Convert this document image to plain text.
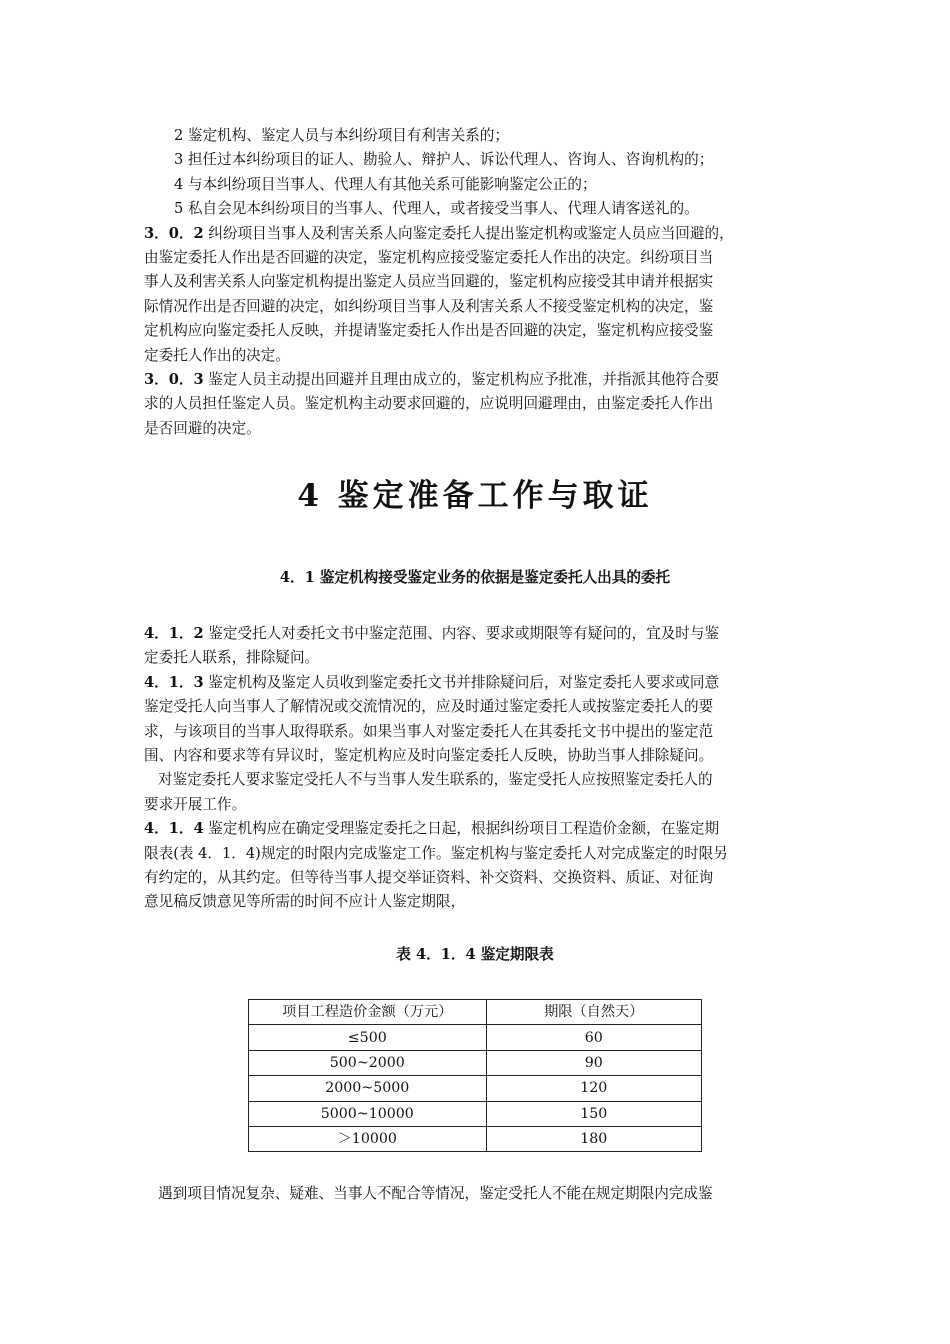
2 鉴定机构、鉴定人员与本纠纷项目有利害关系的；
3 担任过本纠纷项目的证人、勘验人、辩护人、诉讼代理人、咨询人、咨询机构的；
4 与本纠纷项目当事人、代理人有其他关系可能影响鉴定公正的；
5 私自会见本纠纷项目的当事人、代理人，或者接受当事人、代理人请客送礼的。
3．0．2 纠纷项目当事人及利害关系人向鉴定委托人提出鉴定机构或鉴定人员应当回避的，
由鉴定委托人作出是否回避的决定，鉴定机构应接受鉴定委托人作出的决定。纠纷项目当
事人及利害关系人向鉴定机构提出鉴定人员应当回避的，鉴定机构应接受其申请并根据实
际情况作出是否回避的决定，如纠纷项目当事人及利害关系人不接受鉴定机构的决定，鉴
定机构应向鉴定委托人反映，并提请鉴定委托人作出是否回避的决定，鉴定机构应接受鉴
定委托人作出的决定。
3．0．3 鉴定人员主动提出回避并且理由成立的，鉴定机构应予批准，并指派其他符合要
求的人员担任鉴定人员。鉴定机构主动要求回避的，应说明回避理由，由鉴定委托人作出
是否回避的决定。
4 鉴定准备工作与取证
4．1 鉴定机构接受鉴定业务的依据是鉴定委托人出具的委托
4．1．2 鉴定受托人对委托文书中鉴定范围、内容、要求或期限等有疑问的，宜及时与鉴
定委托人联系，排除疑问。
4．1．3 鉴定机构及鉴定人员收到鉴定委托文书并排除疑问后，对鉴定委托人要求或同意
鉴定受托人向当事人了解情况或交流情况的，应及时通过鉴定委托人或按鉴定委托人的要
求，与该项目的当事人取得联系。如果当事人对鉴定委托人在其委托文书中提出的鉴定范
围、内容和要求等有异议时，鉴定机构应及时向鉴定委托人反映，协助当事人排除疑问。
对鉴定委托人要求鉴定受托人不与当事人发生联系的，鉴定受托人应按照鉴定委托人的
要求开展工作。
4．1．4 鉴定机构应在确定受理鉴定委托之日起，根据纠纷项目工程造价金额，在鉴定期
限表(表 4．1．4)规定的时限内完成鉴定工作。鉴定机构与鉴定委托人对完成鉴定的时限另
有约定的，从其约定。但等待当事人提交举证资料、补交资料、交换资料、质证、对征询
意见稿反馈意见等所需的时间不应计人鉴定期限，
表 4．1．4 鉴定期限表
项目工程造价金额（万元）	期限（自然天）
≤500	60
500~2000	90
2000~5000	120
5000~10000	150
＞10000	180
遇到项目情况复杂、疑难、当事人不配合等情况，鉴定受托人不能在规定期限内完成鉴
